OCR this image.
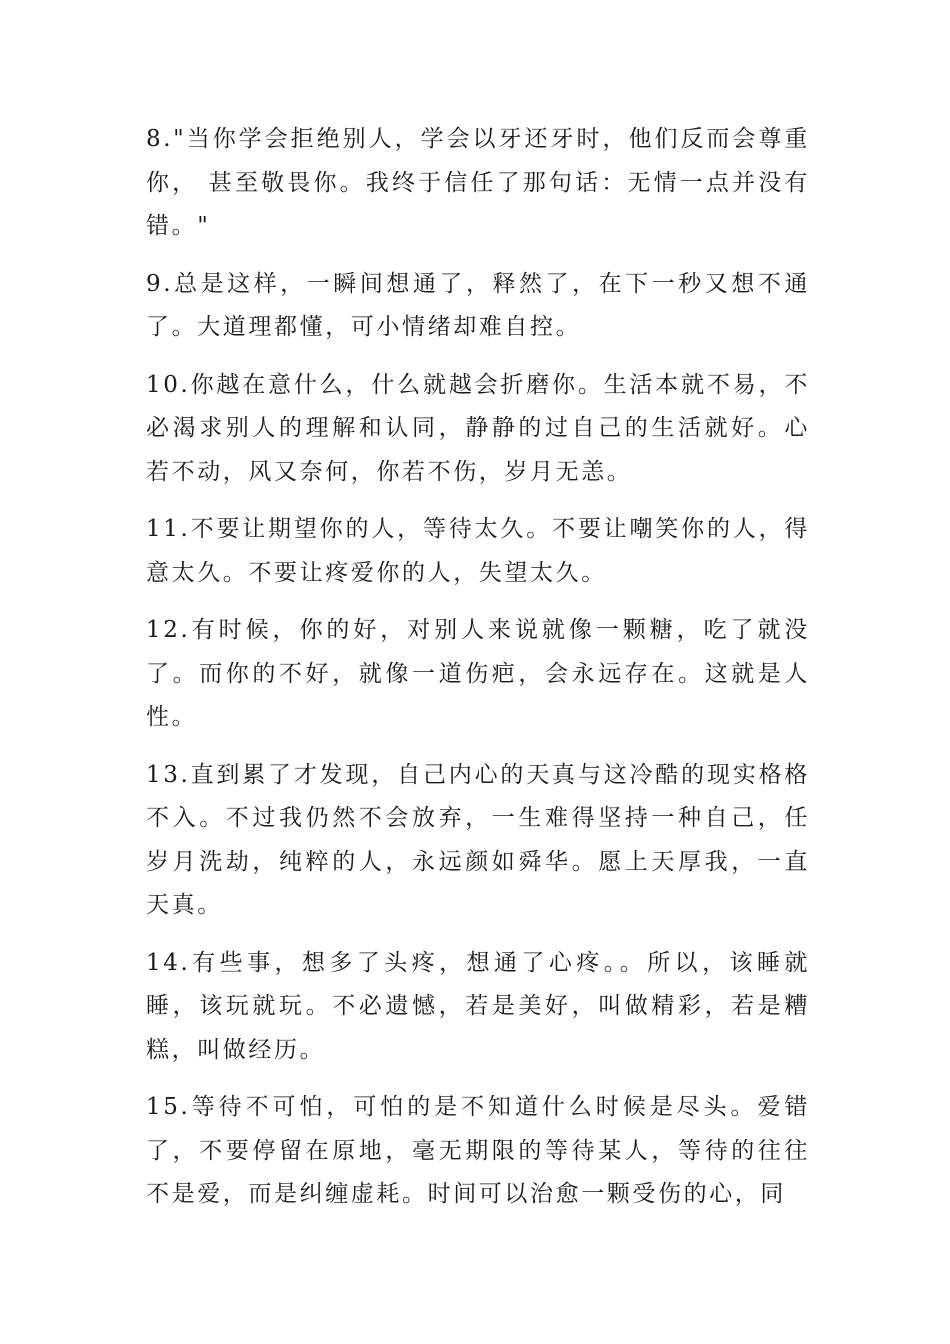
8."当你学会拒绝别人，学会以牙还牙时，他们反而会尊重你， 甚至敬畏你。我终于信任了那句话：无情一点并没有错。"

9.总是这样，一瞬间想通了，释然了，在下一秒又想不通了。大道理都懂，可小情绪却难自控。

10.你越在意什么，什么就越会折磨你。生活本就不易，不必渴求别人的理解和认同，静静的过自己的生活就好。心若不动，风又奈何，你若不伤，岁月无恙。

11.不要让期望你的人，等待太久。不要让嘲笑你的人，得意太久。不要让疼爱你的人，失望太久。

12.有时候，你的好，对别人来说就像一颗糖，吃了就没了。而你的不好，就像一道伤疤，会永远存在。这就是人性。

13.直到累了才发现，自己内心的天真与这冷酷的现实格格不入。不过我仍然不会放弃，一生难得坚持一种自己，任岁月洗劫，纯粹的人，永远颜如舜华。愿上天厚我，一直天真。

14.有些事，想多了头疼，想通了心疼。。所以，该睡就睡，该玩就玩。不必遗憾，若是美好，叫做精彩，若是糟糕，叫做经历。

15.等待不可怕，可怕的是不知道什么时候是尽头。爱错了，不要停留在原地，毫无期限的等待某人，等待的往往不是爱，而是纠缠虚耗。时间可以治愈一颗受伤的心，同
